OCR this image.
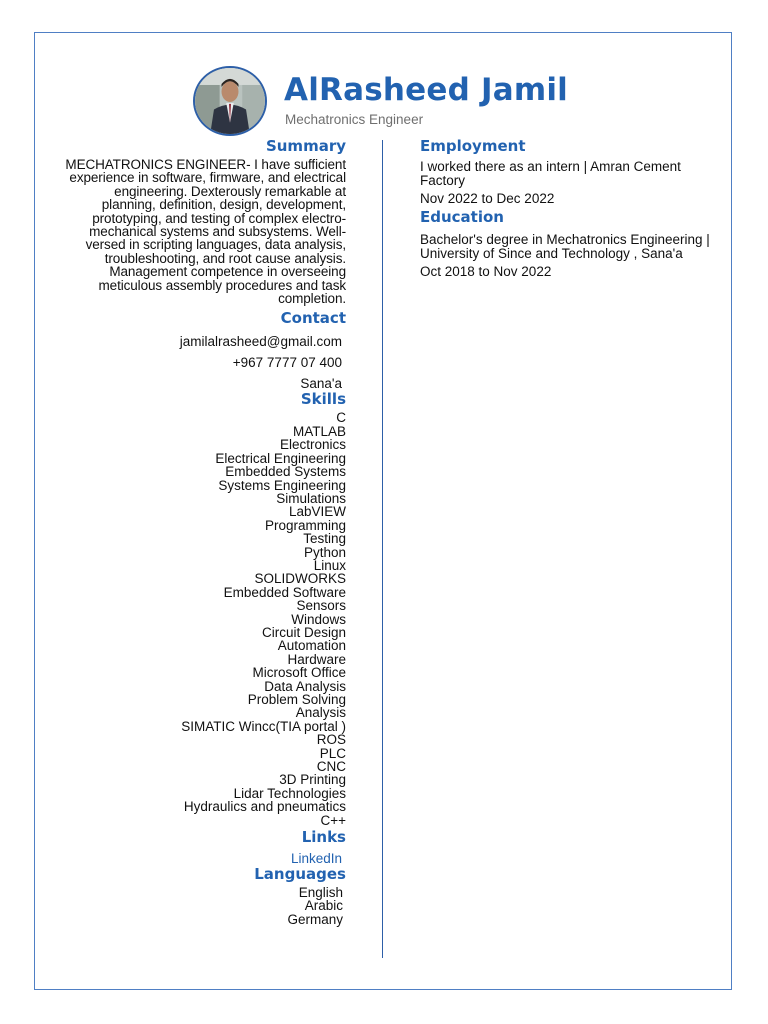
AlRasheed Jamil
Mechatronics Engineer
Summary

MECHATRONICS ENGINEER- I have sufficient experience in software, firmware, and electrical engineering. Dexterously remarkable at planning, definition, design, development, prototyping, and testing of complex electro-mechanical systems and subsystems. Well-versed in scripting languages, data analysis, troubleshooting, and root cause analysis. Management competence in overseeing meticulous assembly procedures and task completion.

Contact

jamilalrasheed@gmail.com

+967 7777 07 400

Sana'a

Skills
C
MATLAB
Electronics
Electrical Engineering
Embedded Systems
Systems Engineering
Simulations
LabVIEW
Programming
Testing
Python
Linux
SOLIDWORKS
Embedded Software
Sensors
Windows
Circuit Design
Automation
Hardware
Microsoft Office
Data Analysis
Problem Solving
Analysis
SIMATIC Wincc(TIA portal )
ROS
PLC
CNC
3D Printing
Lidar Technologies
Hydraulics and pneumatics
C++
Links
LinkedIn
Languages
English
Arabic
Germany
Employment

I worked there as an intern | Amran Cement Factory

Nov 2022 to Dec 2022

Education

Bachelor's degree in Mechatronics Engineering | University of Since and Technology , Sana'a

Oct 2018 to Nov 2022
